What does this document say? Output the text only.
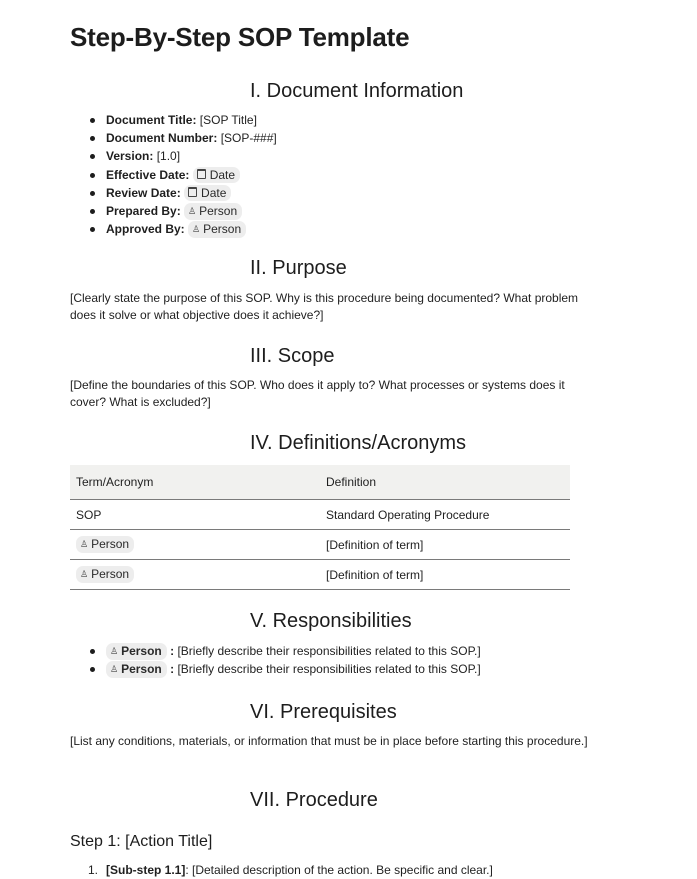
Step-By-Step SOP Template
I. Document Information
Document Title: [SOP Title]
Document Number: [SOP-###]
Version: [1.0]
Effective Date: Date
Review Date: Date
Prepared By: ♙ Person
Approved By: ♙ Person
II. Purpose

[Clearly state the purpose of this SOP. Why is this procedure being documented? What problem does it solve or what objective does it achieve?]

III. Scope

[Define the boundaries of this SOP. Who does it apply to? What processes or systems does it cover? What is excluded?]

IV. Definitions/Acronyms
Term/Acronym	Definition
SOP	Standard Operating Procedure
♙ Person	[Definition of term]
♙ Person	[Definition of term]
V. Responsibilities
♙ Person : [Briefly describe their responsibilities related to this SOP.]
♙ Person : [Briefly describe their responsibilities related to this SOP.]
VI. Prerequisites

[List any conditions, materials, or information that must be in place before starting this procedure.]

VII. Procedure
Step 1: [Action Title]
1. [Sub-step 1.1]: [Detailed description of the action. Be specific and clear.]
